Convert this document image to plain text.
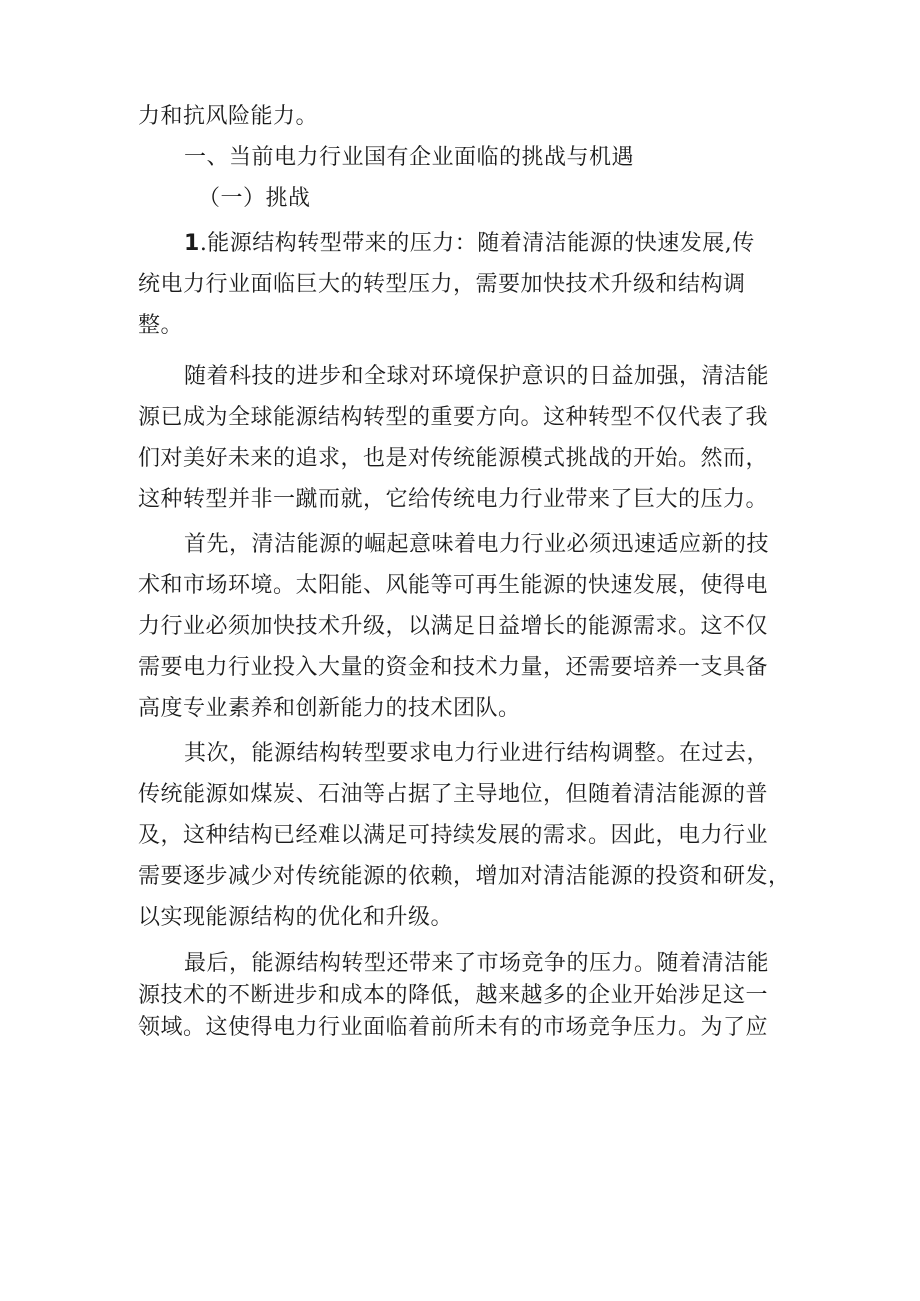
力和抗风险能力。
一、当前电力行业国有企业面临的挑战与机遇
（一）挑战
1.能源结构转型带来的压力：随着清洁能源的快速发展,传
统电力行业面临巨大的转型压力，需要加快技术升级和结构调
整。
随着科技的进步和全球对环境保护意识的日益加强，清洁能
源已成为全球能源结构转型的重要方向。这种转型不仅代表了我
们对美好未来的追求，也是对传统能源模式挑战的开始。然而，
这种转型并非一蹴而就，它给传统电力行业带来了巨大的压力。
首先，清洁能源的崛起意味着电力行业必须迅速适应新的技
术和市场环境。太阳能、风能等可再生能源的快速发展，使得电
力行业必须加快技术升级，以满足日益增长的能源需求。这不仅
需要电力行业投入大量的资金和技术力量，还需要培养一支具备
高度专业素养和创新能力的技术团队。
其次，能源结构转型要求电力行业进行结构调整。在过去，
传统能源如煤炭、石油等占据了主导地位，但随着清洁能源的普
及，这种结构已经难以满足可持续发展的需求。因此，电力行业
需要逐步减少对传统能源的依赖，增加对清洁能源的投资和研发，
以实现能源结构的优化和升级。
最后，能源结构转型还带来了市场竞争的压力。随着清洁能
源技术的不断进步和成本的降低，越来越多的企业开始涉足这一
领域。这使得电力行业面临着前所未有的市场竞争压力。为了应
